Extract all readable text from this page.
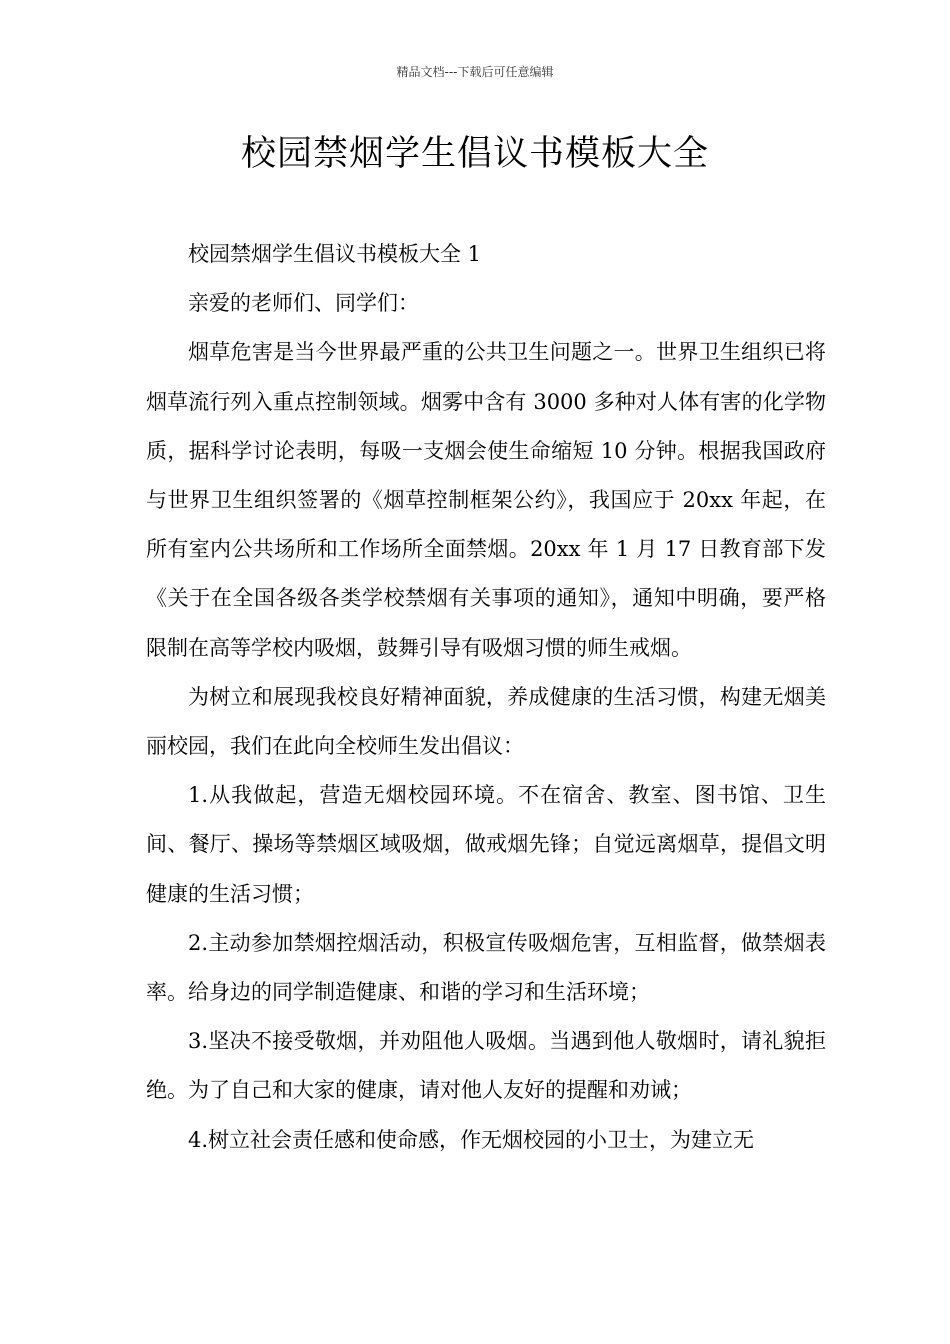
精品文档---下载后可任意编辑
校园禁烟学生倡议书模板大全

校园禁烟学生倡议书模板大全 1

亲爱的老师们、同学们：

烟草危害是当今世界最严重的公共卫生问题之一。世界卫生组织已将烟草流行列入重点控制领域。烟雾中含有 3000 多种对人体有害的化学物质，据科学讨论表明，每吸一支烟会使生命缩短 10 分钟。根据我国政府与世界卫生组织签署的《烟草控制框架公约》，我国应于 20xx 年起，在所有室内公共场所和工作场所全面禁烟。20xx 年 1 月 17 日教育部下发《关于在全国各级各类学校禁烟有关事项的通知》，通知中明确，要严格限制在高等学校内吸烟，鼓舞引导有吸烟习惯的师生戒烟。

为树立和展现我校良好精神面貌，养成健康的生活习惯，构建无烟美丽校园，我们在此向全校师生发出倡议：

1.从我做起，营造无烟校园环境。不在宿舍、教室、图书馆、卫生间、餐厅、操场等禁烟区域吸烟，做戒烟先锋；自觉远离烟草，提倡文明健康的生活习惯；

2.主动参加禁烟控烟活动，积极宣传吸烟危害，互相监督，做禁烟表率。给身边的同学制造健康、和谐的学习和生活环境；

3.坚决不接受敬烟，并劝阻他人吸烟。当遇到他人敬烟时，请礼貌拒绝。为了自己和大家的健康，请对他人友好的提醒和劝诫；

4.树立社会责任感和使命感，作无烟校园的小卫士，为建立无
